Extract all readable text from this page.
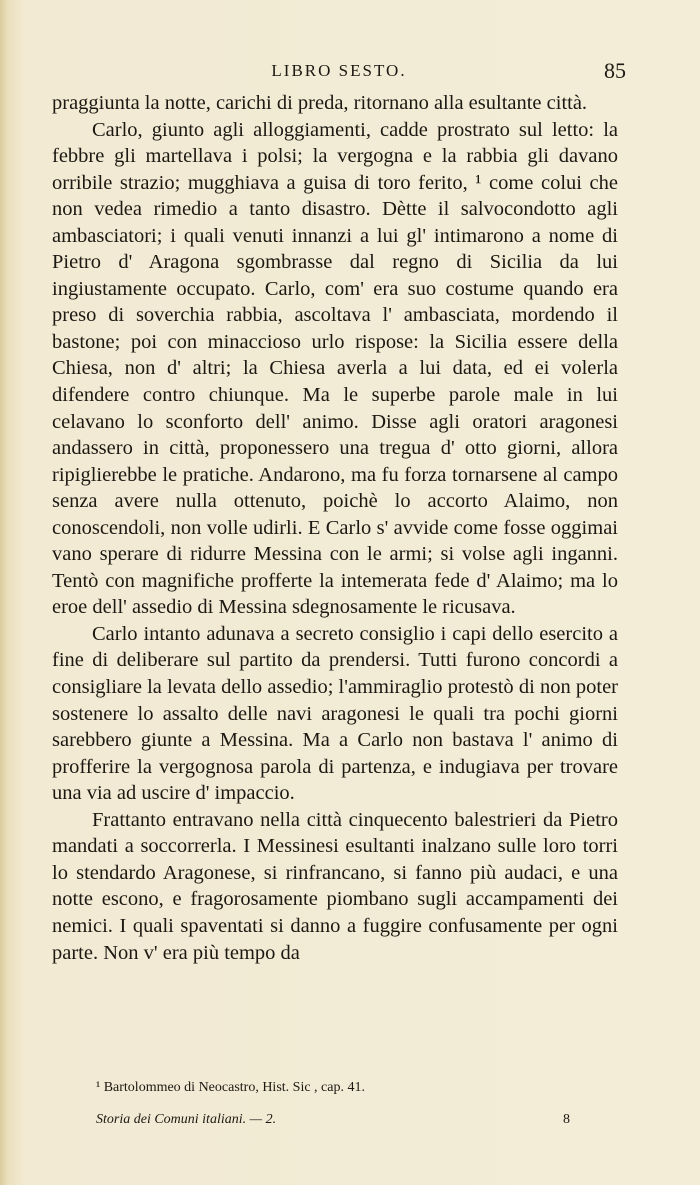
LIBRO SESTO.	85

praggiunta la notte, carichi di preda, ritornano alla esultante città.

Carlo, giunto agli alloggiamenti, cadde prostrato sul letto: la febbre gli martellava i polsi; la vergogna e la rabbia gli davano orribile strazio; mugghiava a guisa di toro ferito, ¹ come colui che non vedea rimedio a tanto disastro. Dètte il salvocondotto agli ambasciatori; i quali venuti innanzi a lui gl' intimarono a nome di Pietro d' Aragona sgombrasse dal regno di Sicilia da lui ingiustamente occupato. Carlo, com' era suo costume quando era preso di soverchia rabbia, ascoltava l' ambasciata, mordendo il bastone; poi con minaccioso urlo rispose: la Sicilia essere della Chiesa, non d' altri; la Chiesa averla a lui data, ed ei volerla difendere contro chiunque. Ma le superbe parole male in lui celavano lo sconforto dell' animo. Disse agli oratori aragonesi andassero in città, proponessero una tregua d' otto giorni, allora ripiglierebbe le pratiche. Andarono, ma fu forza tornarsene al campo senza avere nulla ottenuto, poichè lo accorto Alaimo, non conoscendoli, non volle udirli. E Carlo s' avvide come fosse oggimai vano sperare di ridurre Messina con le armi; si volse agli inganni. Tentò con magnifiche profferte la intemerata fede d' Alaimo; ma lo eroe dell' assedio di Messina sdegnosamente le ricusava.

Carlo intanto adunava a secreto consiglio i capi dello esercito a fine di deliberare sul partito da prendersi. Tutti furono concordi a consigliare la levata dello assedio; l'ammiraglio protestò di non poter sostenere lo assalto delle navi aragonesi le quali tra pochi giorni sarebbero giunte a Messina. Ma a Carlo non bastava l' animo di profferire la vergognosa parola di partenza, e indugiava per trovare una via ad uscire d' impaccio.

Frattanto entravano nella città cinquecento balestrieri da Pietro mandati a soccorrerla. I Messinesi esultanti inalzano sulle loro torri lo stendardo Aragonese, si rinfrancano, si fanno più audaci, e una notte escono, e fragorosamente piombano sugli accampamenti dei nemici. I quali spaventati si danno a fuggire confusamente per ogni parte. Non v' era più tempo da

¹ Bartolommeo di Neocastro, Hist. Sic , cap. 41.
Storia dei Comuni italiani. — 2.	8
